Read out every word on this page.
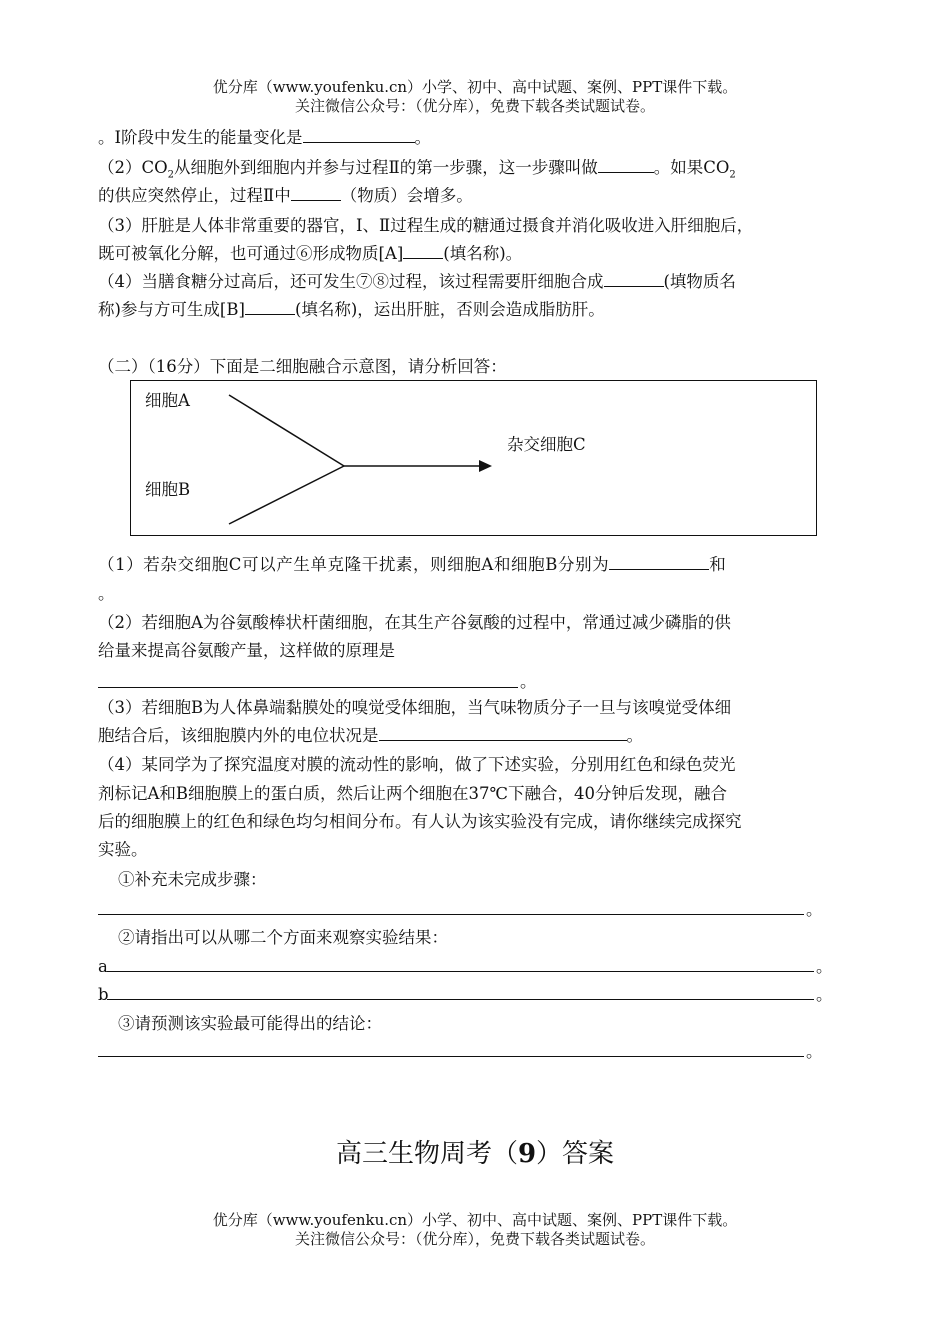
优分库（www.youfenku.cn）小学、初中、高中试题、案例、PPT课件下载。
关注微信公众号：（优分库），免费下载各类试题试卷。
。I阶段中发生的能量变化是	。
$(2)CO_2$从细胞外到细胞内并参与过程Ⅱ的第一步骤，这一步骤叫做	。如果$CO_2$
的供应突然停止，过程Ⅱ中	（物质）会增多。
（3）肝脏是人体非常重要的器官，I、Ⅱ过程生成的糖通过摄食并消化吸收进入肝细胞后，
既可被氧化分解，也可通过⑥形成物质[A] (填名称)。
（4）当膳食糖分过高后，还可发生⑦⑧过程，该过程需要肝细胞合成	(填物质名
称)参与方可生成[B]	(填名称)，运出肝脏，否则会造成脂肪肝。
（二）（16分）下面是二细胞融合示意图，请分析回答：
细胞A
细胞B
杂交细胞C
（1）若杂交细胞C可以产生单克隆干扰素，则细胞A和细胞B分别为	和
。
（2）若细胞A为谷氨酸棒状杆菌细胞，在其生产谷氨酸的过程中，常通过减少磷脂的供
给量来提高谷氨酸产量，这样做的原理是
。
（3）若细胞B为人体鼻端黏膜处的嗅觉受体细胞，当气味物质分子一旦与该嗅觉受体细
胞结合后，该细胞膜内外的电位状况是	。
（4）某同学为了探究温度对膜的流动性的影响，做了下述实验，分别用红色和绿色荧光
剂标记A和B细胞膜上的蛋白质，然后让两个细胞在37℃下融合，40分钟后发现，融合
后的细胞膜上的红色和绿色均匀相间分布。有人认为该实验没有完成，请你继续完成探究
实验。
①补充未完成步骤：
。
②请指出可以从哪二个方面来观察实验结果：
a	。
b	。
③请预测该实验最可能得出的结论：
。
高三生物周考（9）答案
优分库（www.youfenku.cn）小学、初中、高中试题、案例、PPT课件下载。
关注微信公众号：（优分库），免费下载各类试题试卷。
